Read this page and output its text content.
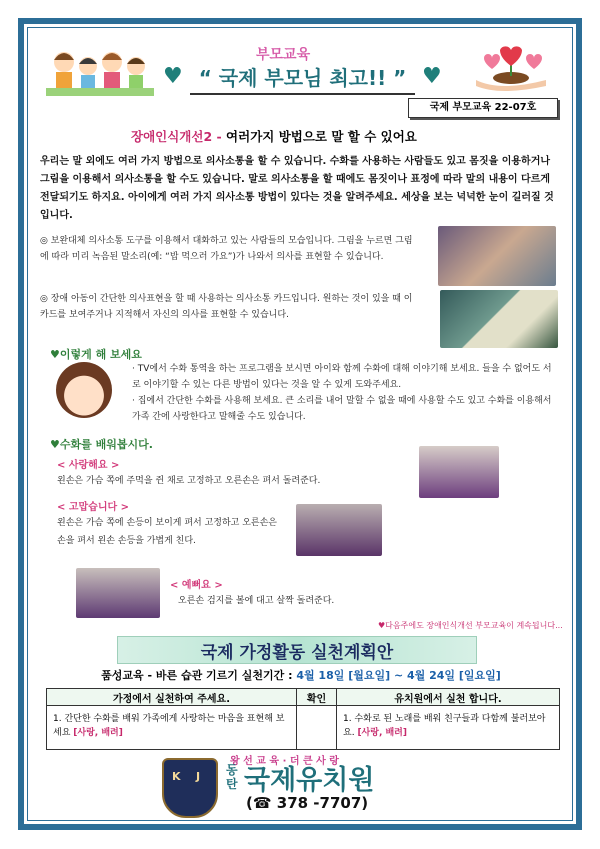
부모교육
♥ “ 국제 부모님 최고!! ” ♥
국제 부모교육 22-07호
장애인식개선2 - 여러가지 방법으로 말 할 수 있어요
우리는 말 외에도 여러 가지 방법으로 의사소통을 할 수 있습니다. 수화를 사용하는 사람들도 있고 몸짓을 이용하거나 그림을 이용해서 의사소통을 할 수도 있습니다. 말로 의사소통을 할 때에도 몸짓이나 표정에 따라 말의 내용이 다르게 전달되기도 하지요. 아이에게 여러 가지 의사소통 방법이 있다는 것을 알려주세요. 세상을 보는 넉넉한 눈이 길러질 것입니다.
◎ 보완대체 의사소통 도구를 이용해서 대화하고 있는 사람들의 모습입니다. 그림을 누르면 그림에 따라 미리 녹음된 말소리(예: “밥 먹으러 가요”)가 나와서 의사를 표현할 수 있습니다.
◎ 장애 아동이 간단한 의사표현을 할 때 사용하는 의사소통 카드입니다. 원하는 것이 있을 때 이 카드를 보여주거나 지적해서 자신의 의사를 표현할 수 있습니다.
♥이렇게 해 보세요
· TV에서 수화 통역을 하는 프로그램을 보시면 아이와 함께 수화에 대해 이야기해 보세요. 들을 수 없어도 서로 이야기할 수 있는 다른 방법이 있다는 것을 알 수 있게 도와주세요.
· 집에서 간단한 수화를 사용해 보세요. 큰 소리를 내어 말할 수 없을 때에 사용할 수도 있고 수화를 이용해서 가족 간에 사랑한다고 말해줄 수도 있습니다.
♥수화를 배워봅시다.
< 사랑해요 >
왼손은 가슴 쪽에 주먹을 쥔 채로 고정하고 오른손은 펴서 돌려준다.
< 고맙습니다 >
왼손은 가슴 쪽에 손등이 보이게 펴서 고정하고 오른손은 손을 펴서 왼손 손등을 가볍게 친다.
< 예뻐요 >
오른손 검지를 볼에 대고 살짝 돌려준다.
♥다음주에도 장애인식개선 부모교육이 계속됩니다...
국제 가정활동 실천계획안
품성교육 - 바른 습관 기르기 실천기간 : 4월 18일 [월요일] ~ 4월 24일 [일요일]
가정에서 실천하여 주세요.	확인	유치원에서 실천 합니다.
1. 간단한 수화를 배워 가족에게 사랑하는 마음을 표현해 보세요 [사랑, 배려]		1. 수화로 된 노래를 배워 친구들과 다함께 불러보아요. [사랑, 배려]
왕 선 교 육 · 더 큰 사 랑
K J 동탄 국제유치원
(☎ 378 -7707)
